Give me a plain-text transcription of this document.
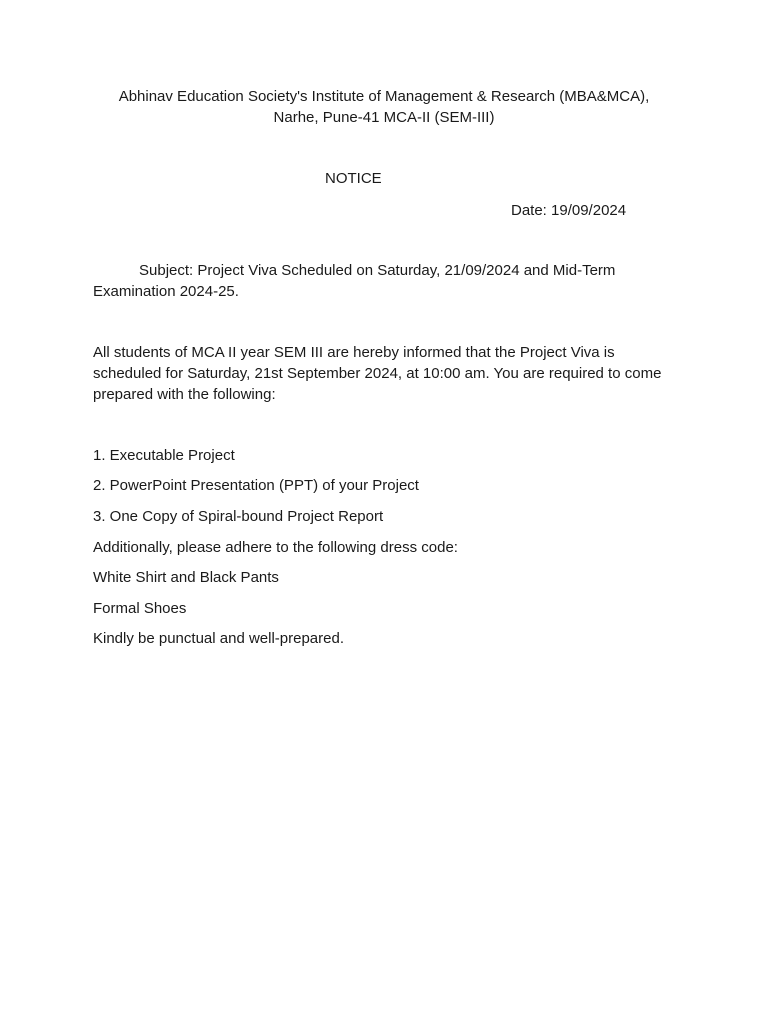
Abhinav Education Society's Institute of Management & Research (MBA&MCA),
Narhe, Pune-41 MCA-II (SEM-III)
NOTICE
Date: 19/09/2024
Subject: Project Viva Scheduled on Saturday, 21/09/2024 and Mid-Term
Examination 2024-25.
All students of MCA II year SEM III are hereby informed that the Project Viva is
scheduled for Saturday, 21st September 2024, at 10:00 am. You are required to come
prepared with the following:
1. Executable Project
2. PowerPoint Presentation (PPT) of your Project
3. One Copy of Spiral-bound Project Report
Additionally, please adhere to the following dress code:
White Shirt and Black Pants
Formal Shoes
Kindly be punctual and well-prepared.
